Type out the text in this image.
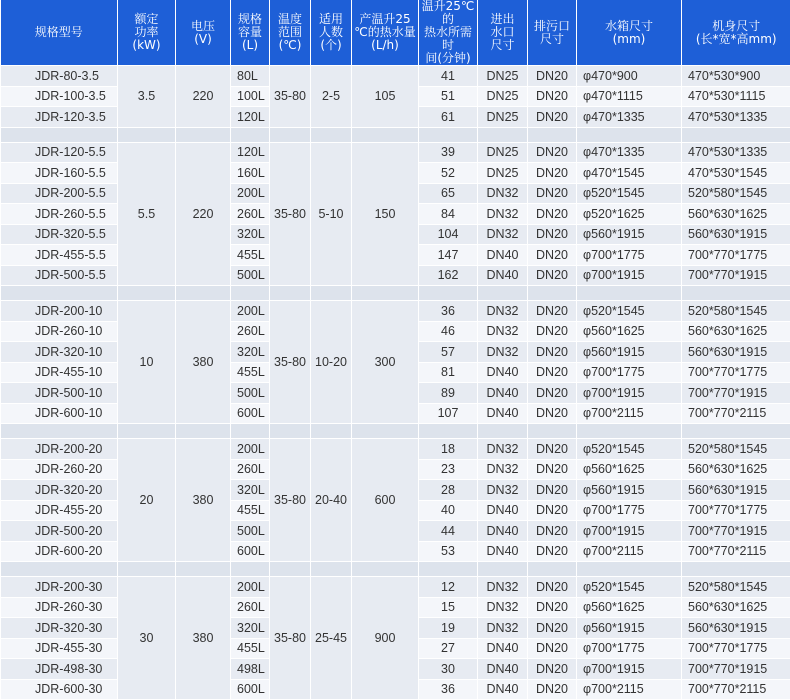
规格型号	额定
功率
(kW)	电压
(V)	规格
容量
(L)	温度
范围
(℃)	适用
人数
(个)	产温升25
℃的热水量
(L/h)	温升25℃的
热水所需时
间(分钟)	进出
水口
尺寸	排污口
尺寸	水箱尺寸
(mm)	机身尺寸
(长*宽*高mm)
JDR-80-3.5	3.5	220	80L	35-80	2-5	105	41	DN25	DN20	φ470*900	470*530*900
JDR-100-3.5			100L				51	DN25	DN20	φ470*1115	470*530*1115
JDR-120-3.5			120L				61	DN25	DN20	φ470*1335	470*530*1335

JDR-120-5.5	5.5	220	120L	35-80	5-10	150	39	DN25	DN20	φ470*1335	470*530*1335
JDR-160-5.5			160L				52	DN25	DN20	φ470*1545	470*530*1545
JDR-200-5.5			200L				65	DN32	DN20	φ520*1545	520*580*1545
JDR-260-5.5			260L				84	DN32	DN20	φ520*1625	560*630*1625
JDR-320-5.5			320L				104	DN32	DN20	φ560*1915	560*630*1915
JDR-455-5.5			455L				147	DN40	DN20	φ700*1775	700*770*1775
JDR-500-5.5			500L				162	DN40	DN20	φ700*1915	700*770*1915

JDR-200-10	10	380	200L	35-80	10-20	300	36	DN32	DN20	φ520*1545	520*580*1545
JDR-260-10			260L				46	DN32	DN20	φ560*1625	560*630*1625
JDR-320-10			320L				57	DN32	DN20	φ560*1915	560*630*1915
JDR-455-10			455L				81	DN40	DN20	φ700*1775	700*770*1775
JDR-500-10			500L				89	DN40	DN20	φ700*1915	700*770*1915
JDR-600-10			600L				107	DN40	DN20	φ700*2115	700*770*2115

JDR-200-20	20	380	200L	35-80	20-40	600	18	DN32	DN20	φ520*1545	520*580*1545
JDR-260-20			260L				23	DN32	DN20	φ560*1625	560*630*1625
JDR-320-20			320L				28	DN32	DN20	φ560*1915	560*630*1915
JDR-455-20			455L				40	DN40	DN20	φ700*1775	700*770*1775
JDR-500-20			500L				44	DN40	DN20	φ700*1915	700*770*1915
JDR-600-20			600L				53	DN40	DN20	φ700*2115	700*770*2115

JDR-200-30	30	380	200L	35-80	25-45	900	12	DN32	DN20	φ520*1545	520*580*1545
JDR-260-30			260L				15	DN32	DN20	φ560*1625	560*630*1625
JDR-320-30			320L				19	DN32	DN20	φ560*1915	560*630*1915
JDR-455-30			455L				27	DN40	DN20	φ700*1775	700*770*1775
JDR-498-30			498L				30	DN40	DN20	φ700*1915	700*770*1915
JDR-600-30			600L				36	DN40	DN20	φ700*2115	700*770*2115
